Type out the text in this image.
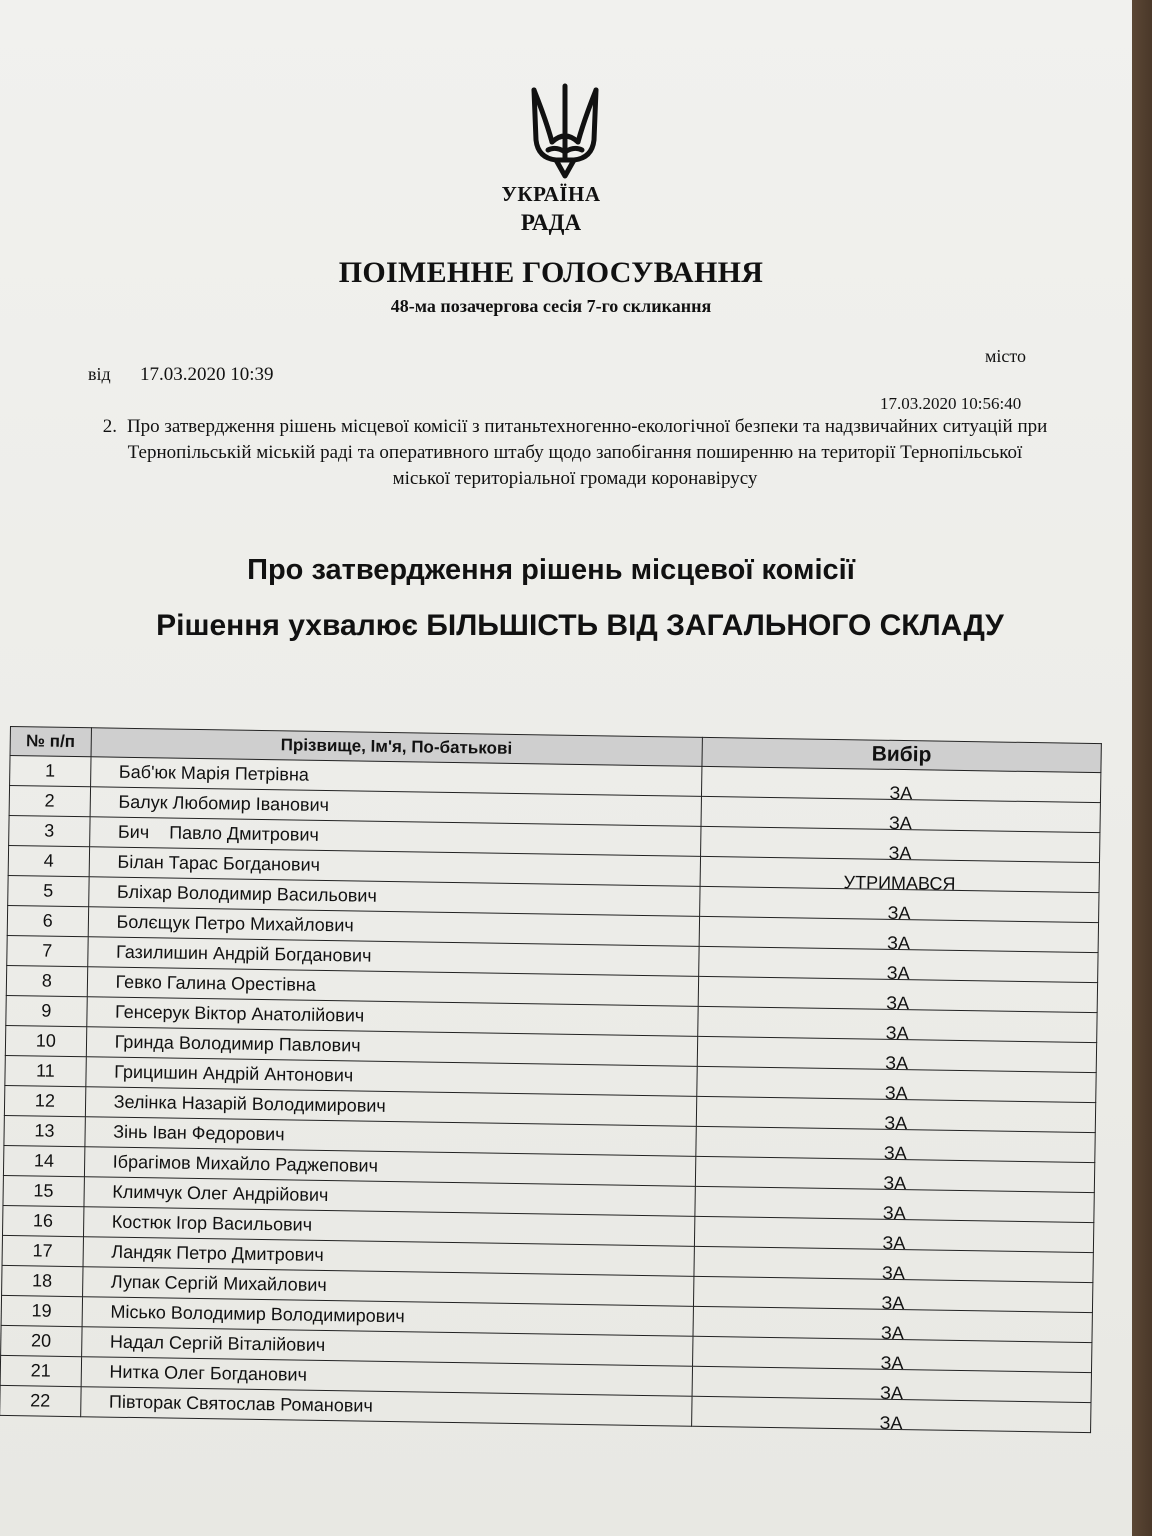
УКРАЇНА
РАДА
ПОІМЕННЕ ГОЛОСУВАННЯ
48-ма позачергова сесія 7-го скликання
місто
від 17.03.2020 10:39
17.03.2020 10:56:40
2. Про затвердження рішень місцевої комісії з питаньтехногенно-екологічної безпеки та надзвичайних ситуацій при Тернопільській міській раді та оперативного штабу щодо запобігання поширенню на території Тернопільської міської територіальної громади коронавірусу
Про затвердження рішень місцевої комісії
Рішення ухвалює БІЛЬШІСТЬ ВІД ЗАГАЛЬНОГО СКЛАДУ
№ п/п	Прізвище, Ім'я, По-батькові	Вибір
1	Баб'юк Марія Петрівна	ЗА
2	Балук Любомир Іванович	ЗА
3	Бич    Павло Дмитрович	ЗА
4	Білан Тарас Богданович	УТРИМАВСЯ
5	Бліхар Володимир Васильович	ЗА
6	Болєщук Петро Михайлович	ЗА
7	Газилишин Андрій Богданович	ЗА
8	Гевко Галина Орестівна	ЗА
9	Генсерук Віктор Анатолійович	ЗА
10	Гринда Володимир Павлович	ЗА
11	Грицишин Андрій Антонович	ЗА
12	Зелінка Назарій Володимирович	ЗА
13	Зінь Іван Федорович	ЗА
14	Ібрагімов Михайло Раджепович	ЗА
15	Климчук Олег Андрійович	ЗА
16	Костюк Ігор Васильович	ЗА
17	Ландяк Петро Дмитрович	ЗА
18	Лупак Сергій Михайлович	ЗА
19	Місько Володимир Володимирович	ЗА
20	Надал Сергій Віталійович	ЗА
21	Нитка Олег Богданович	ЗА
22	Півторак Святослав Романович	ЗА
